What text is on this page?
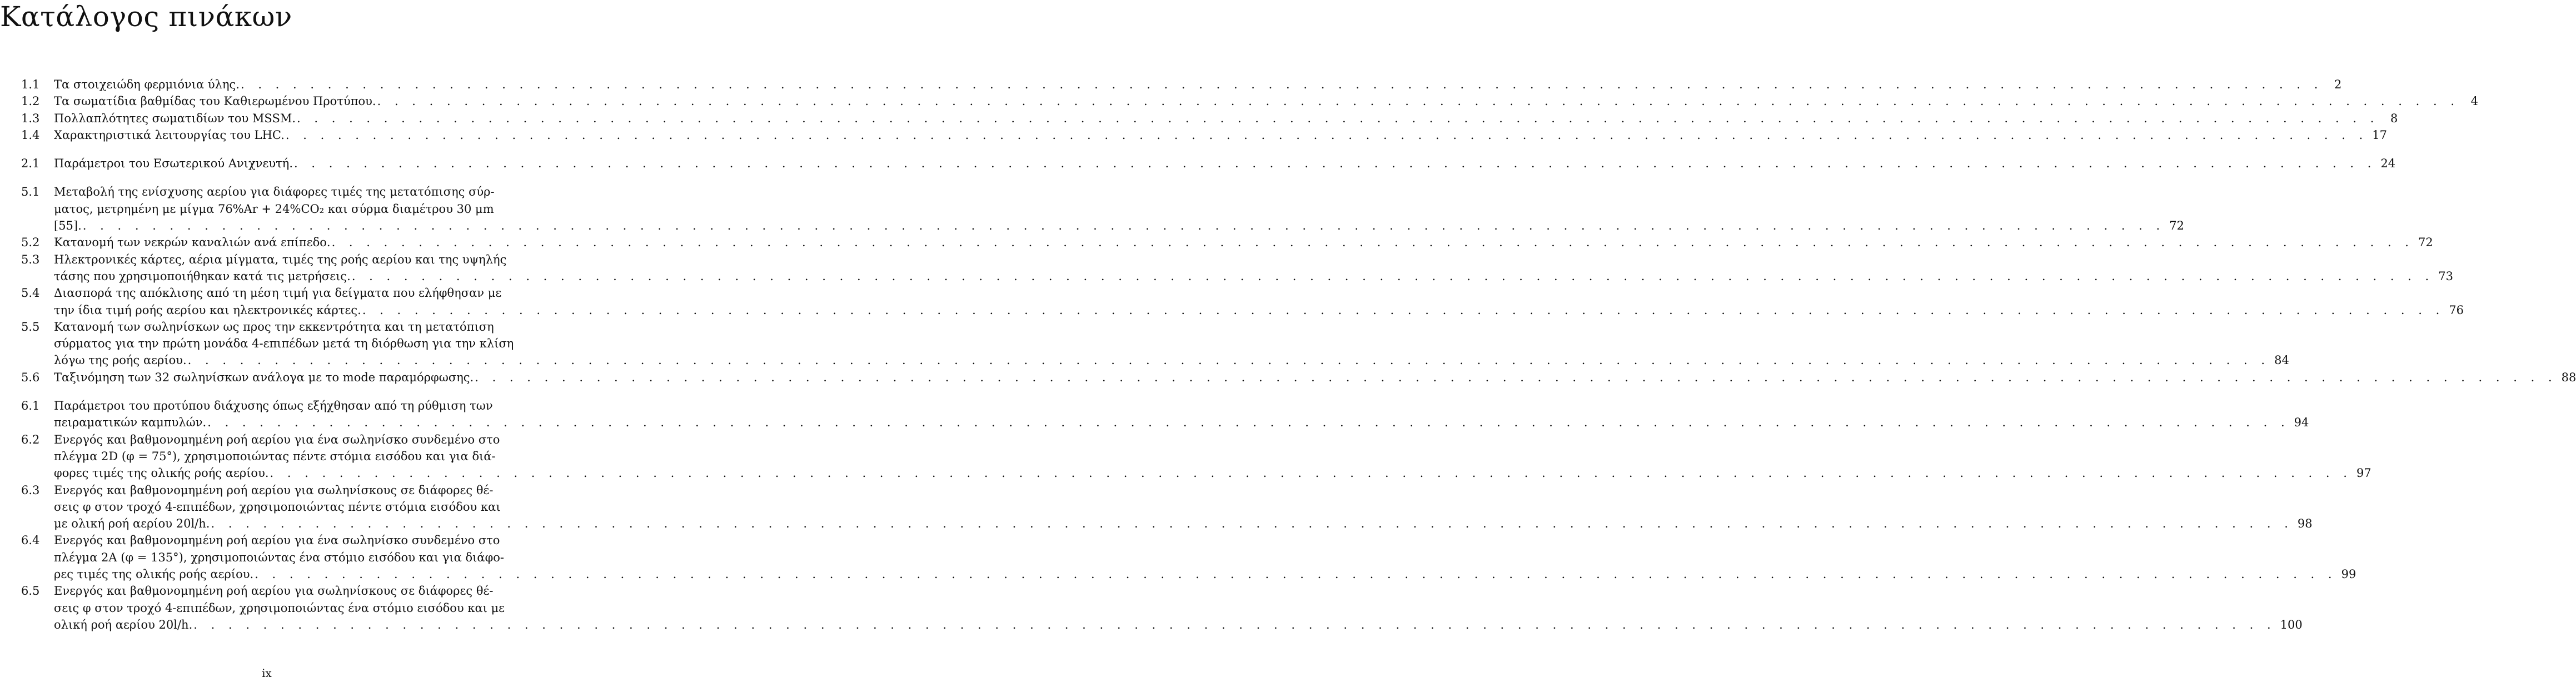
Κατάλογος πινάκων
1.1	Τα στοιχειώδη φερμιόνια ύλης. . . . . . . . . . . . . . . . . . . . . . . . . . . . . . . . . . . . . . . . . . . . . . . . . . . . . . . . . . . . . . . . . . . . . . . . . . . . . . . . . . . . . . . . . . . . . . . . . . . . . . . . . . . . . . . . . . . . . . . . . 2
1.2	Τα σωματίδια βαθμίδας του Καθιερωμένου Προτύπου. . . . . . . . . . . . . . . . . . . . . . . . . . . . . . . . . . . . . . . . . . . . . . . . . . . . . . . . . . . . . . . . . . . . . . . . . . . . . . . . . . . . . . . . . . . . . . . . . . . . . . . . . . . . . . . . . . . . . . . . . 4
1.3	Πολλαπλότητες σωματιδίων του MSSM. . . . . . . . . . . . . . . . . . . . . . . . . . . . . . . . . . . . . . . . . . . . . . . . . . . . . . . . . . . . . . . . . . . . . . . . . . . . . . . . . . . . . . . . . . . . . . . . . . . . . . . . . . . . . . . . . . . . . . . . . 8
1.4	Χαρακτηριστικά λειτουργίας του LHC. . . . . . . . . . . . . . . . . . . . . . . . . . . . . . . . . . . . . . . . . . . . . . . . . . . . . . . . . . . . . . . . . . . . . . . . . . . . . . . . . . . . . . . . . . . . . . . . . . . . . . . . . . . . . . . . . . . . . . . . . 17
2.1	Παράμετροι του Εσωτερικού Ανιχνευτή. . . . . . . . . . . . . . . . . . . . . . . . . . . . . . . . . . . . . . . . . . . . . . . . . . . . . . . . . . . . . . . . . . . . . . . . . . . . . . . . . . . . . . . . . . . . . . . . . . . . . . . . . . . . . . . . . . . . . . . . . 24
5.1	Μεταβολή της ενίσχυσης αερίου για διάφορες τιμές της μετατόπισης σύρ-
ματος, μετρημένη με μίγμα 76%Ar + 24%CO₂ και σύρμα διαμέτρου 30 μm
[55]. . . . . . . . . . . . . . . . . . . . . . . . . . . . . . . . . . . . . . . . . . . . . . . . . . . . . . . . . . . . . . . . . . . . . . . . . . . . . . . . . . . . . . . . . . . . . . . . . . . . . . . . . . . . . . . . . . . . . . . . . 72
5.2	Κατανομή των νεκρών καναλιών ανά επίπεδο. . . . . . . . . . . . . . . . . . . . . . . . . . . . . . . . . . . . . . . . . . . . . . . . . . . . . . . . . . . . . . . . . . . . . . . . . . . . . . . . . . . . . . . . . . . . . . . . . . . . . . . . . . . . . . . . . . . . . . . . . 72
5.3	Ηλεκτρονικές κάρτες, αέρια μίγματα, τιμές της ροής αερίου και της υψηλής
τάσης που χρησιμοποιήθηκαν κατά τις μετρήσεις. . . . . . . . . . . . . . . . . . . . . . . . . . . . . . . . . . . . . . . . . . . . . . . . . . . . . . . . . . . . . . . . . . . . . . . . . . . . . . . . . . . . . . . . . . . . . . . . . . . . . . . . . . . . . . . . . . . . . . . . . 73
5.4	Διασπορά της απόκλισης από τη μέση τιμή για δείγματα που ελήφθησαν με
την ίδια τιμή ροής αερίου και ηλεκτρονικές κάρτες. . . . . . . . . . . . . . . . . . . . . . . . . . . . . . . . . . . . . . . . . . . . . . . . . . . . . . . . . . . . . . . . . . . . . . . . . . . . . . . . . . . . . . . . . . . . . . . . . . . . . . . . . . . . . . . . . . . . . . . . . 76
5.5	Κατανομή των σωληνίσκων ως προς την εκκεντρότητα και τη μετατόπιση
σύρματος για την πρώτη μονάδα 4-επιπέδων μετά τη διόρθωση για την κλίση
λόγω της ροής αερίου. . . . . . . . . . . . . . . . . . . . . . . . . . . . . . . . . . . . . . . . . . . . . . . . . . . . . . . . . . . . . . . . . . . . . . . . . . . . . . . . . . . . . . . . . . . . . . . . . . . . . . . . . . . . . . . . . . . . . . . . . 84
5.6	Ταξινόμηση των 32 σωληνίσκων ανάλογα με το mode παραμόρφωσης. . . . . . . . . . . . . . . . . . . . . . . . . . . . . . . . . . . . . . . . . . . . . . . . . . . . . . . . . . . . . . . . . . . . . . . . . . . . . . . . . . . . . . . . . . . . . . . . . . . . . . . . . . . . . . . . . . . . . . . . . 88
6.1	Παράμετροι του προτύπου διάχυσης όπως εξήχθησαν από τη ρύθμιση των
πειραματικών καμπυλών. . . . . . . . . . . . . . . . . . . . . . . . . . . . . . . . . . . . . . . . . . . . . . . . . . . . . . . . . . . . . . . . . . . . . . . . . . . . . . . . . . . . . . . . . . . . . . . . . . . . . . . . . . . . . . . . . . . . . . . . . 94
6.2	Ενεργός και βαθμονομημένη ροή αερίου για ένα σωληνίσκο συνδεμένο στο
πλέγμα 2D (φ = 75°), χρησιμοποιώντας πέντε στόμια εισόδου και για διά-
φορες τιμές της ολικής ροής αερίου. . . . . . . . . . . . . . . . . . . . . . . . . . . . . . . . . . . . . . . . . . . . . . . . . . . . . . . . . . . . . . . . . . . . . . . . . . . . . . . . . . . . . . . . . . . . . . . . . . . . . . . . . . . . . . . . . . . . . . . . . 97
6.3	Ενεργός και βαθμονομημένη ροή αερίου για σωληνίσκους σε διάφορες θέ-
σεις φ στον τροχό 4-επιπέδων, χρησιμοποιώντας πέντε στόμια εισόδου και
με ολική ροή αερίου 20l/h. . . . . . . . . . . . . . . . . . . . . . . . . . . . . . . . . . . . . . . . . . . . . . . . . . . . . . . . . . . . . . . . . . . . . . . . . . . . . . . . . . . . . . . . . . . . . . . . . . . . . . . . . . . . . . . . . . . . . . . . . 98
6.4	Ενεργός και βαθμονομημένη ροή αερίου για ένα σωληνίσκο συνδεμένο στο
πλέγμα 2A (φ = 135°), χρησιμοποιώντας ένα στόμιο εισόδου και για διάφο-
ρες τιμές της ολικής ροής αερίου. . . . . . . . . . . . . . . . . . . . . . . . . . . . . . . . . . . . . . . . . . . . . . . . . . . . . . . . . . . . . . . . . . . . . . . . . . . . . . . . . . . . . . . . . . . . . . . . . . . . . . . . . . . . . . . . . . . . . . . . . 99
6.5	Ενεργός και βαθμονομημένη ροή αερίου για σωληνίσκους σε διάφορες θέ-
σεις φ στον τροχό 4-επιπέδων, χρησιμοποιώντας ένα στόμιο εισόδου και με
ολική ροή αερίου 20l/h. . . . . . . . . . . . . . . . . . . . . . . . . . . . . . . . . . . . . . . . . . . . . . . . . . . . . . . . . . . . . . . . . . . . . . . . . . . . . . . . . . . . . . . . . . . . . . . . . . . . . . . . . . . . . . . . . . . . . . . . . 100
ix
